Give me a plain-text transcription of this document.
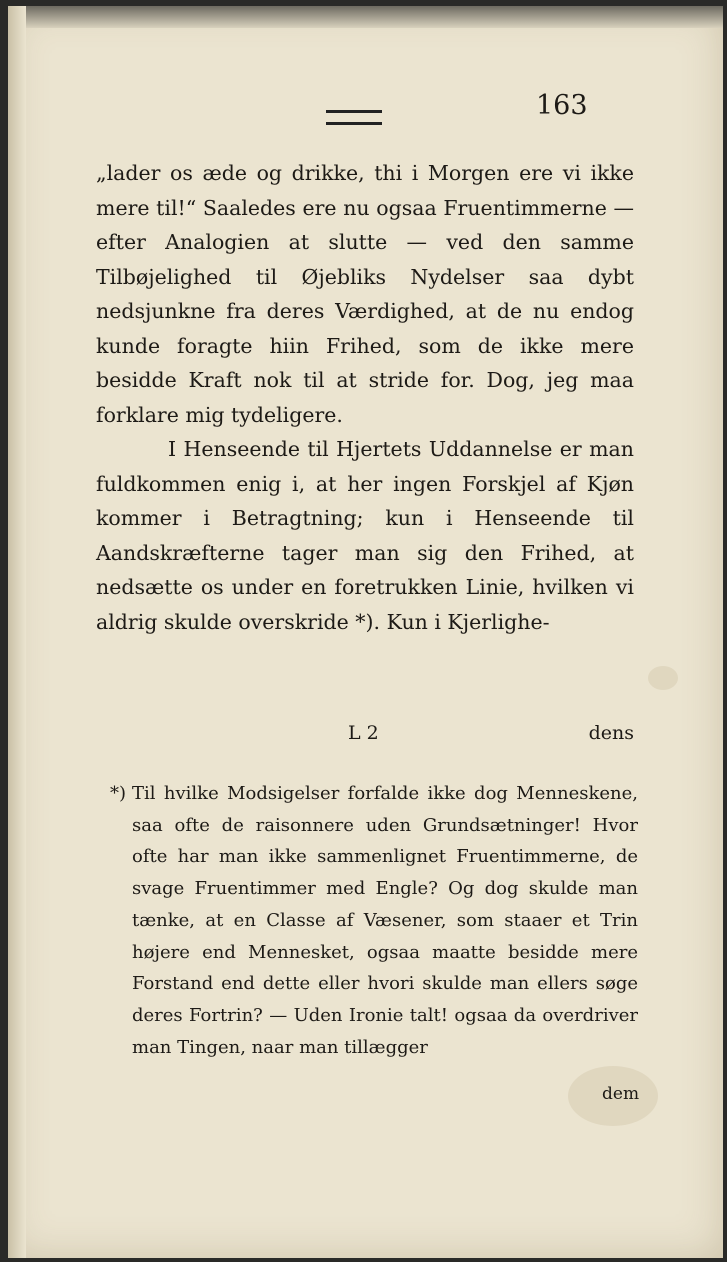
163

„lader os æde og drikke, thi i Morgen ere vi ikke mere til!“ Saaledes ere nu ogsaa Fruentimmerne — efter Analogien at slutte — ved den samme Tilbøjelighed til Øjebliks Nydelser saa dybt nedsjunkne fra deres Værdighed, at de nu endog kunde foragte hiin Frihed, som de ikke mere besidde Kraft nok til at stride for. Dog, jeg maa forklare mig tydeligere.

I Henseende til Hjertets Uddannelse er man fuldkommen enig i, at her ingen Forskjel af Kjøn kommer i Betragtning; kun i Henseende til Aandskræfterne tager man sig den Frihed, at nedsætte os under en foretrukken Linie, hvilken vi aldrig skulde overskride *). Kun i Kjerlighe-

L 2	dens
*) Til hvilke Modsigelser forfalde ikke dog Menneskene, saa ofte de raisonnere uden Grundsætninger! Hvor ofte har man ikke sammenlignet Fruentimmerne, de svage Fruentimmer med Engle? Og dog skulde man tænke, at en Classe af Væsener, som staaer et Trin højere end Mennesket, ogsaa maatte besidde mere Forstand end dette eller hvori skulde man ellers søge deres Fortrin? — Uden Ironie talt! ogsaa da overdriver man Tingen, naar man tillægger
dem
